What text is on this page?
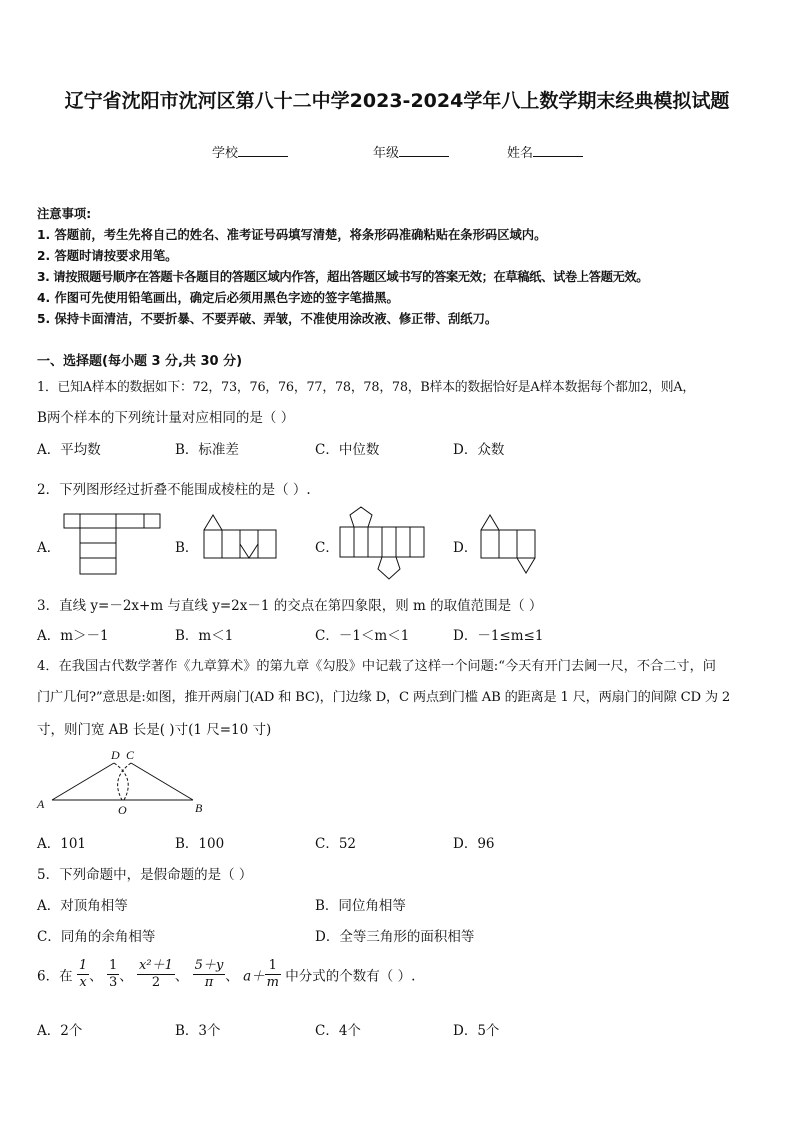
辽宁省沈阳市沈河区第八十二中学2023-2024学年八上数学期末经典模拟试题
学校	年级	姓名
注意事项:
1. 答题前，考生先将自己的姓名、准考证号码填写清楚，将条形码准确粘贴在条形码区域内。
2. 答题时请按要求用笔。
3. 请按照题号顺序在答题卡各题目的答题区域内作答，超出答题区域书写的答案无效；在草稿纸、试卷上答题无效。
4. 作图可先使用铅笔画出，确定后必须用黑色字迹的签字笔描黑。
5. 保持卡面清洁，不要折暴、不要弄破、弄皱，不准使用涂改液、修正带、刮纸刀。
一、选择题(每小题 3 分,共 30 分)
1．已知A样本的数据如下：72，73，76，76，77，78，78，78，B样本的数据恰好是A样本数据每个都加2，则A，
B两个样本的下列统计量对应相同的是（ ）
A．平均数	B．标准差	C．中位数	D．众数
2．下列图形经过折叠不能围成棱柱的是（ ）.
A．	B．	C．	D．
3．直线 y=－2x+m 与直线 y=2x－1 的交点在第四象限，则 m 的取值范围是（ ）
A．m＞－1	B．m＜1	C．－1＜m＜1	D．－1≤m≤1
4．在我国古代数学著作《九章算术》的第九章《勾股》中记载了这样一个问题:“今天有开门去阃一尺，不合二寸，问
门广几何?”意思是:如图，推开两扇门(AD 和 BC)，门边缘 D，C 两点到门槛 AB 的距离是 1 尺，两扇门的间隙 CD 为 2
寸，则门宽 AB 长是( )寸(1 尺=10 寸)
A	B
D C
O
A．101	B．100	C．52	D．96
5．下列命题中，是假命题的是（ ）
A．对顶角相等	B．同位角相等
C．同角的余角相等	D．全等三角形的面积相等
6．在 $\frac{1}{x}$ 、 $\frac{1}{3}$ 、 $\frac{\text{x²＋1}}{2}$ 、 $\frac{5+y}{\pi}$ 、 $a+ \frac{1}{m}$ 中分式的个数有（ ）.
A．2个	B．3个	C．4个	D．5个
